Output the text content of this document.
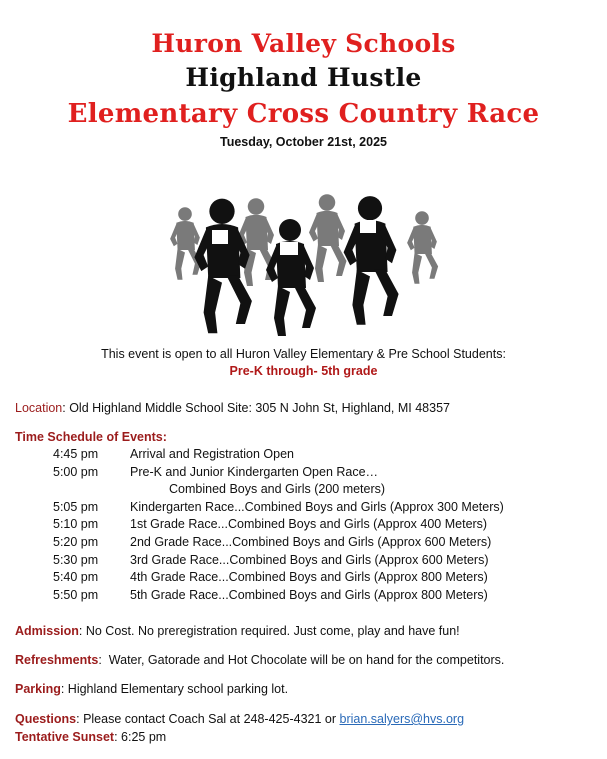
Huron Valley Schools
Highland Hustle
Elementary Cross Country Race
Tuesday, October 21st, 2025
This event is open to all Huron Valley Elementary & Pre School Students:
Pre-K through- 5th grade
Location: Old Highland Middle School Site: 305 N John St, Highland, MI 48357
Time Schedule of Events:
4:45 pm	Arrival and Registration Open
5:00 pm	Pre-K and Junior Kindergarten Open Race…
Combined Boys and Girls (200 meters)
5:05 pm	Kindergarten Race...Combined Boys and Girls (Approx 300 Meters)
5:10 pm	1st Grade Race...Combined Boys and Girls (Approx 400 Meters)
5:20 pm	2nd Grade Race...Combined Boys and Girls (Approx 600 Meters)
5:30 pm	3rd Grade Race...Combined Boys and Girls (Approx 600 Meters)
5:40 pm	4th Grade Race...Combined Boys and Girls (Approx 800 Meters)
5:50 pm	5th Grade Race...Combined Boys and Girls (Approx 800 Meters)
Admission: No Cost. No preregistration required. Just come, play and have fun!
Refreshments:  Water, Gatorade and Hot Chocolate will be on hand for the competitors.
Parking: Highland Elementary school parking lot.
Questions: Please contact Coach Sal at 248-425-4321 or brian.salyers@hvs.org
Tentative Sunset: 6:25 pm
